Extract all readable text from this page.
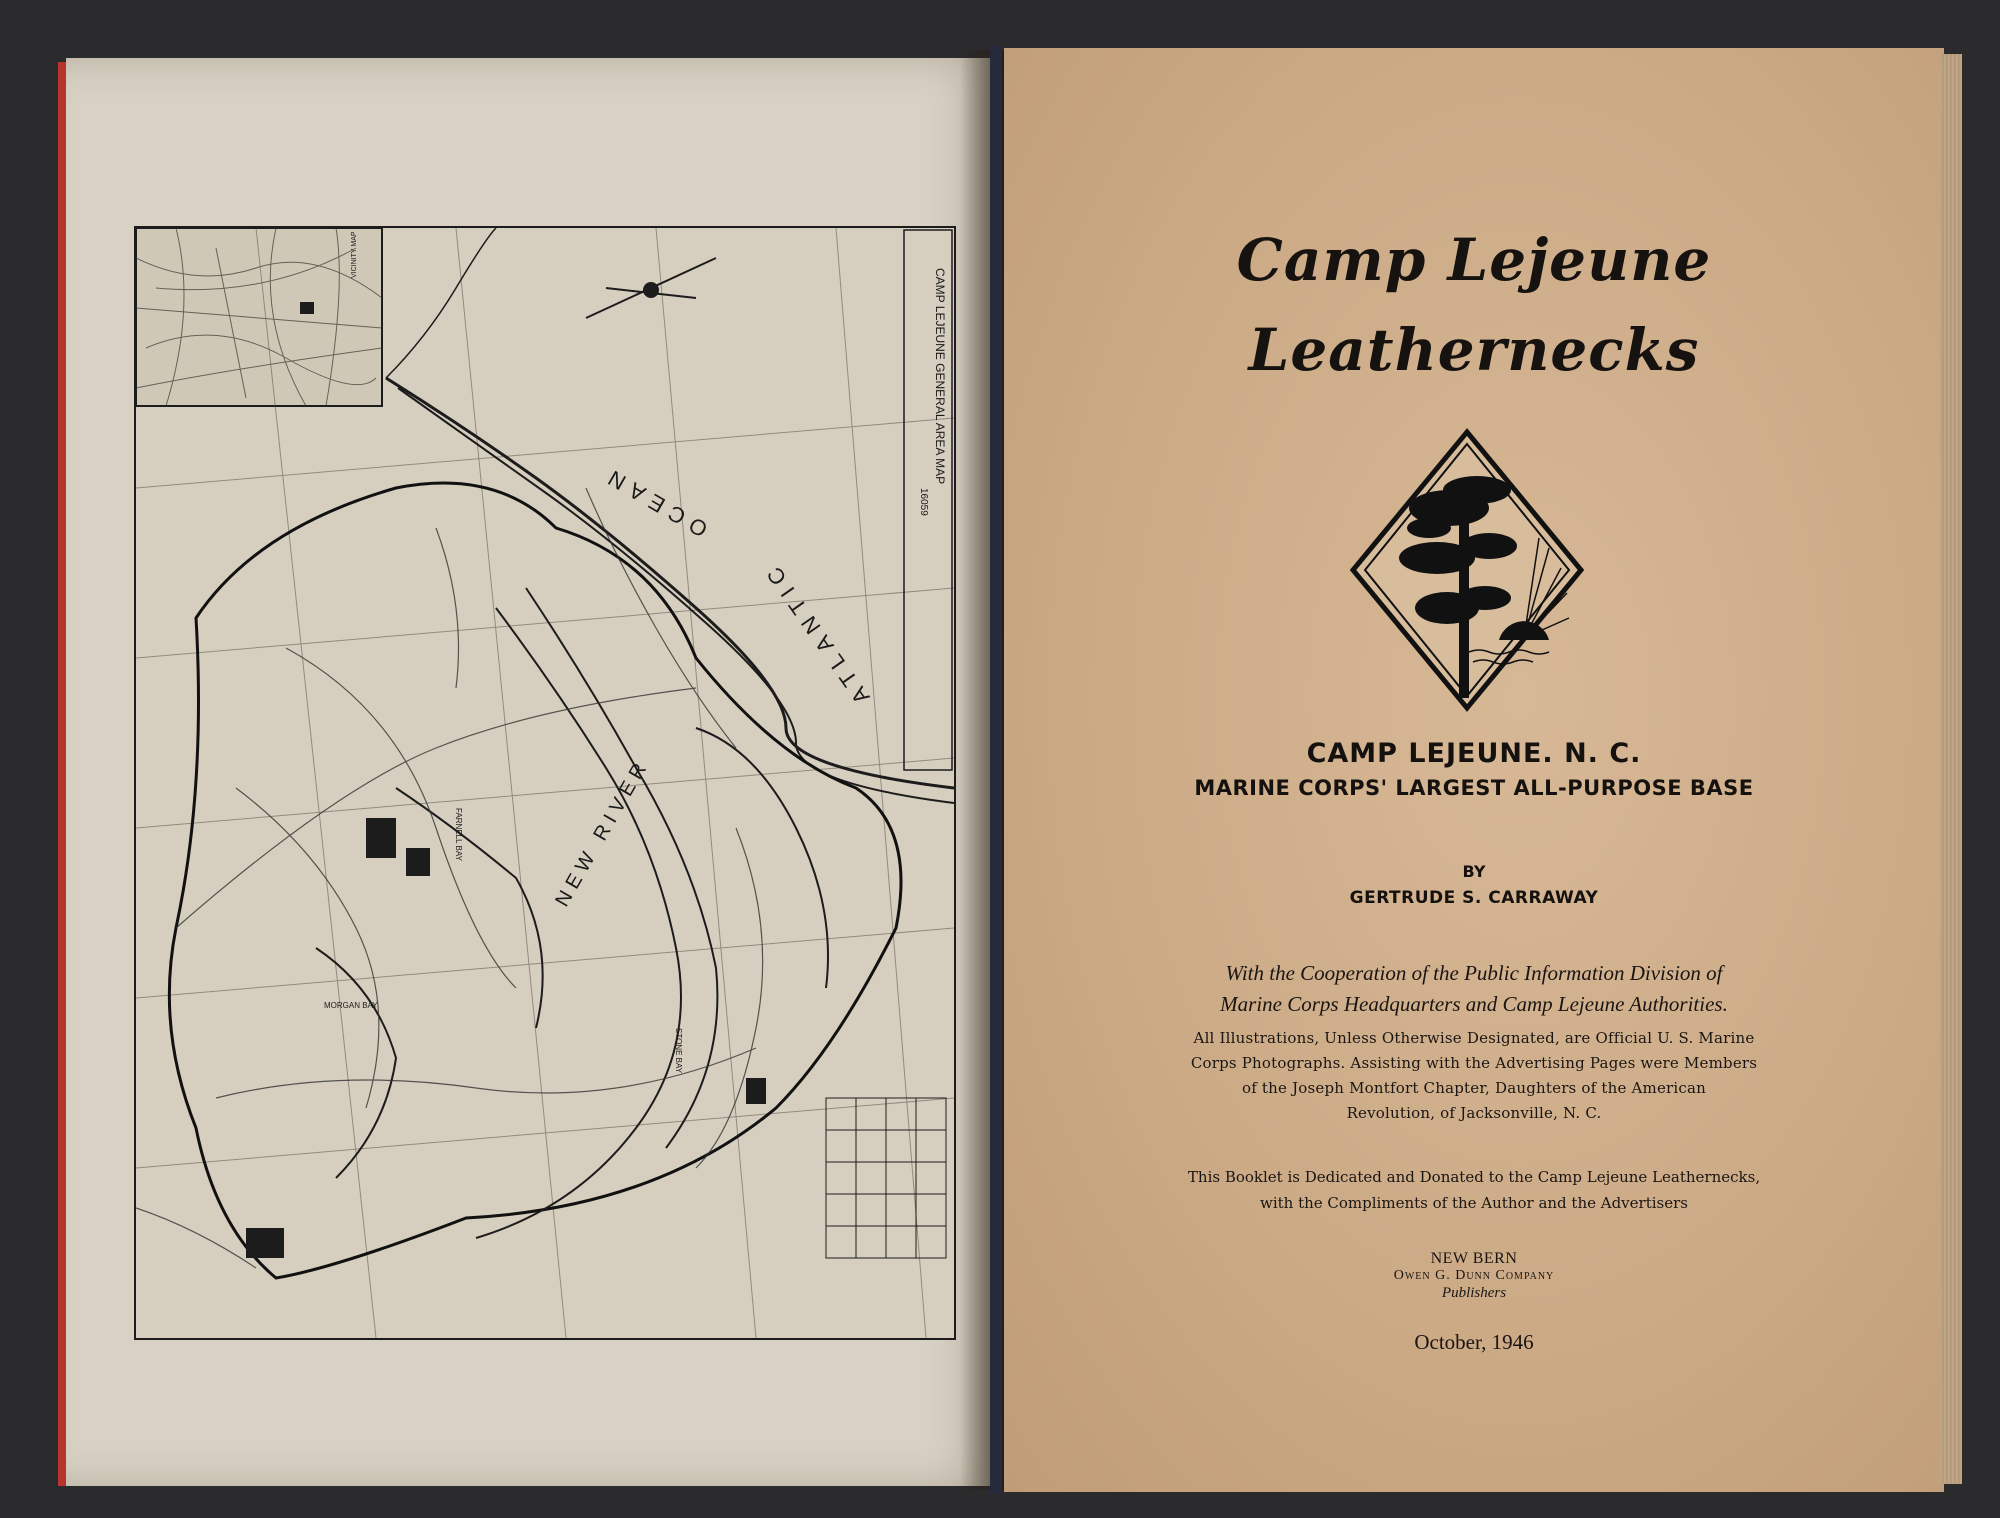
VICINITY MAP
CAMP LEJEUNE GENERAL AREA MAP
16059
OCEAN
ATLANTIC
NEW RIVER
MORGAN BAY
FARNELL BAY
STONE BAY
Camp Lejeune
Leathernecks
CAMP LEJEUNE. N. C.
MARINE CORPS' LARGEST ALL-PURPOSE BASE
BY
GERTRUDE S. CARRAWAY
With the Cooperation of the Public Information Division of
Marine Corps Headquarters and Camp Lejeune Authorities.
All Illustrations, Unless Otherwise Designated, are Official U. S. Marine
Corps Photographs. Assisting with the Advertising Pages were Members
of the Joseph Montfort Chapter, Daughters of the American
Revolution, of Jacksonville, N. C.
This Booklet is Dedicated and Donated to the Camp Lejeune Leathernecks,
with the Compliments of the Author and the Advertisers
NEW BERN
Owen G. Dunn Company
Publishers
October, 1946
